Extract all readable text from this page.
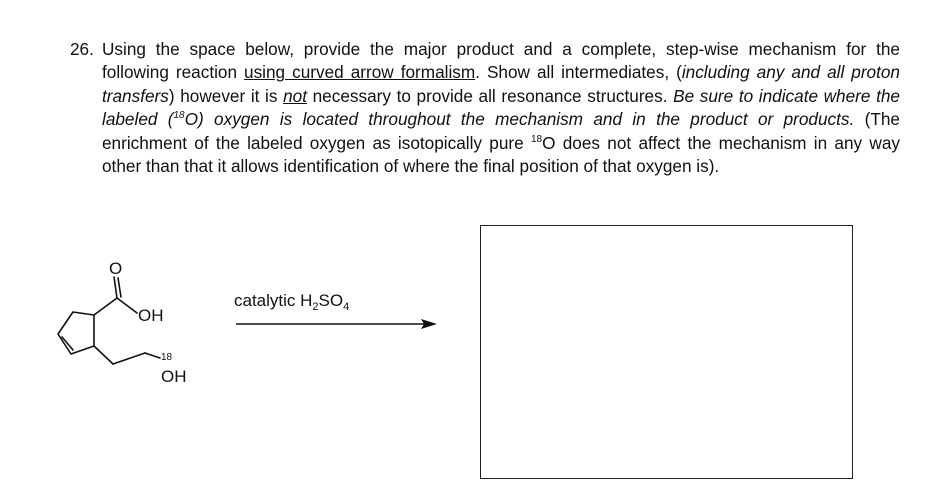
26. Using the space below, provide the major product and a complete, step-wise mechanism for the following reaction using curved arrow formalism. Show all intermediates, (including any and all proton transfers) however it is not necessary to provide all resonance structures. Be sure to indicate where the labeled ($^{18}$O) oxygen is located throughout the mechanism and in the product or products. (The enrichment of the labeled oxygen as isotopically pure $^{18}$O does not affect the mechanism in any way other than that it allows identification of where the final position of that oxygen is).
O
OH
18
OH
catalytic $H_2SO_4$
